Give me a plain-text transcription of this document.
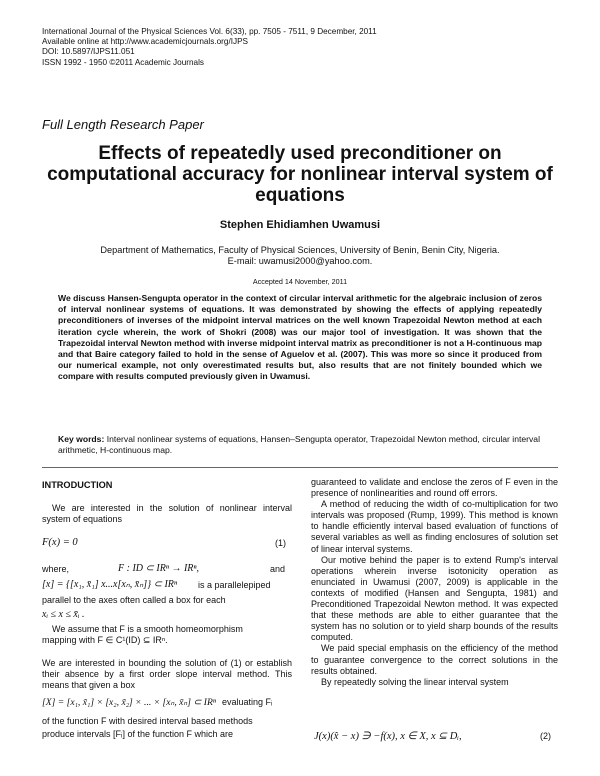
International Journal of the Physical Sciences Vol. 6(33), pp. 7505 - 7511, 9 December, 2011
Available online at http://www.academicjournals.org/IJPS
DOI: 10.5897/IJPS11.051
ISSN 1992 - 1950 ©2011 Academic Journals
Full Length Research Paper
Effects of repeatedly used preconditioner on computational accuracy for nonlinear interval system of equations
Stephen Ehidiamhen Uwamusi
Department of Mathematics, Faculty of Physical Sciences, University of Benin, Benin City, Nigeria.
E-mail: uwamusi2000@yahoo.com.
Accepted 14 November, 2011
We discuss Hansen-Sengupta operator in the context of circular interval arithmetic for the algebraic inclusion of zeros of interval nonlinear systems of equations. It was demonstrated by showing the effects of applying repeatedly preconditioners of inverses of the midpoint interval matrices on the well known Trapezoidal Newton method at each iteration cycle wherein, the work of Shokri (2008) was our major tool of investigation. It was shown that the Trapezoidal interval Newton method with inverse midpoint interval matrix as preconditioner is not a H-continuous map and that Baire category failed to hold in the sense of Aguelov et al. (2007). This was more so since it produced from our numerical example, not only overestimated results but, also results that are not finitely bounded which we compare with results computed previously given in Uwamusi.
Key words: Interval nonlinear systems of equations, Hansen–Sengupta operator, Trapezoidal Newton method, circular interval arithmetic, H-continuous map.
INTRODUCTION

We are interested in the solution of nonlinear interval system of equations

F(x) = 0	(1)
where,	F : ID ⊂ IRⁿ → IRⁿ,	and
[x] = {[x₁, x̄₁] x...x[xₙ, x̄ₙ]} ⊂ IRⁿ is a parallelepiped
parallel to the axes often called a box for each
xᵢ ≤ x ≤ x̄ᵢ .

We assume that F is a smooth homeomorphism

mapping with F ∈ C¹(ID) ⊆ IRⁿ.

We are interested in bounding the solution of (1) or establish their absence by a first order slope interval method.

This means that given a box

[X] = [x₁, x̃₁] × [x₂, x̃₂] × ... × [xₙ, x̃ₙ] ⊂ IRⁿ evaluating Fᵢ
of the function F with desired interval based methods
produce intervals [Fᵢ] of the function F which are

guaranteed to validate and enclose the zeros of F even in the presence of nonlinearities and round off errors.

A method of reducing the width of co-multiplication for two intervals was proposed (Rump, 1999). This method is known to handle efficiently interval based evaluation of functions of several variables as well as finding enclosures of solution set of linear interval systems.

Our motive behind the paper is to extend Rump's interval operations wherein inverse isotonicity operation as enunciated in Uwamusi (2007, 2009) is applicable in the contexts of modified (Hansen and Sengupta, 1981) and Preconditioned Trapezoidal Newton method. It was expected that these methods are able to either guarantee that the system has no solution or to yield sharp bounds of the results computed.

We paid special emphasis on the efficiency of the method to guarantee convergence to the correct solutions in the results obtained.

By repeatedly solving the linear interval system

J(x)(x̂ − x) ∋ −f(x), x ∈ X, x ⊆ Dᵢ,	(2)
